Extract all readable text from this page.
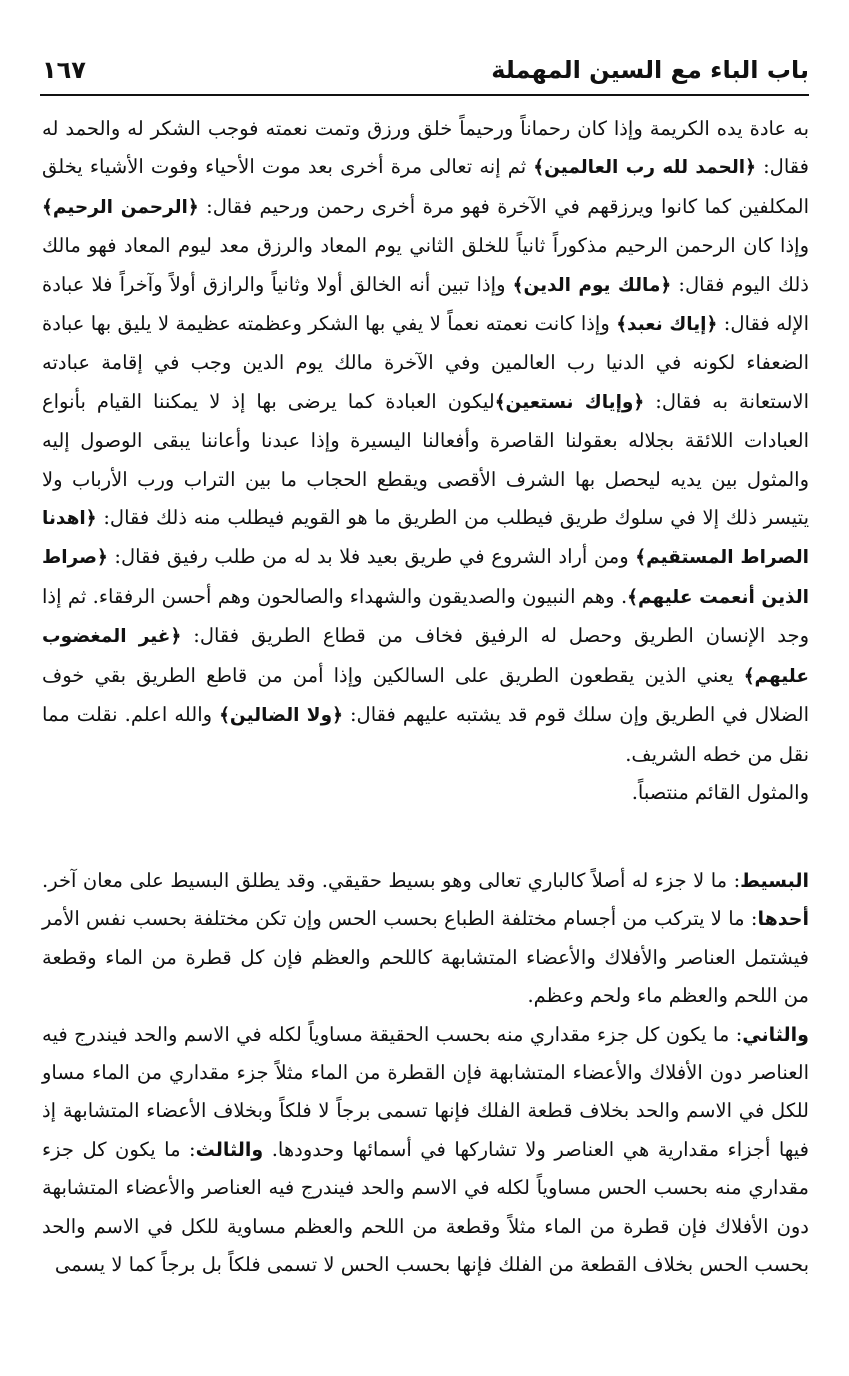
باب الباء مع السين المهملة
١٦٧

به عادة يده الكريمة وإذا كان رحماناً ورحيماً خلق ورزق وتمت نعمته فوجب الشكر له والحمد له فقال: ﴿الحمد لله رب العالمين﴾ ثم إنه تعالى مرة أخرى بعد موت الأحياء وفوت الأشياء يخلق المكلفين كما كانوا ويرزقهم في الآخرة فهو مرة أخرى رحمن ورحيم فقال: ﴿الرحمن الرحيم﴾ وإذا كان الرحمن الرحيم مذكوراً ثانياً للخلق الثاني يوم المعاد والرزق معد ليوم المعاد فهو مالك ذلك اليوم فقال: ﴿مالك يوم الدين﴾ وإذا تبين أنه الخالق أولا وثانياً والرازق أولاً وآخراً فلا عبادة الإله فقال: ﴿إياك نعبد﴾ وإذا كانت نعمته نعماً لا يفي بها الشكر وعظمته عظيمة لا يليق بها عبادة الضعفاء لكونه في الدنيا رب العالمين وفي الآخرة مالك يوم الدين وجب في إقامة عبادته الاستعانة به فقال: ﴿وإياك نستعين﴾ليكون العبادة كما يرضى بها إذ لا يمكننا القيام بأنواع العبادات اللائقة بجلاله بعقولنا القاصرة وأفعالنا اليسيرة وإذا عبدنا وأعاننا يبقى الوصول إليه والمثول بين يديه ليحصل بها الشرف الأقصى ويقطع الحجاب ما بين التراب ورب الأرباب ولا يتيسر ذلك إلا في سلوك طريق فيطلب من الطريق ما هو القويم فيطلب منه ذلك فقال: ﴿اهدنا الصراط المستقيم﴾ ومن أراد الشروع في طريق بعيد فلا بد له من طلب رفيق فقال: ﴿صراط الذين أنعمت عليهم﴾. وهم النبيون والصديقون والشهداء والصالحون وهم أحسن الرفقاء. ثم إذا وجد الإنسان الطريق وحصل له الرفيق فخاف من قطاع الطريق فقال: ﴿غير المغضوب عليهم﴾ يعني الذين يقطعون الطريق على السالكين وإذا أمن من قاطع الطريق بقي خوف الضلال في الطريق وإن سلك قوم قد يشتبه عليهم فقال: ﴿ولا الضالين﴾ والله اعلم. نقلت مما نقل من خطه الشريف.

والمثول القائم منتصباً.

البسيط: ما لا جزء له أصلاً كالباري تعالى وهو بسيط حقيقي. وقد يطلق البسيط على معان آخر. أحدها: ما لا يتركب من أجسام مختلفة الطباع بحسب الحس وإن تكن مختلفة بحسب نفس الأمر فيشتمل العناصر والأفلاك والأعضاء المتشابهة كاللحم والعظم فإن كل قطرة من الماء وقطعة من اللحم والعظم ماء ولحم وعظم.

والثاني: ما يكون كل جزء مقداري منه بحسب الحقيقة مساوياً لكله في الاسم والحد فيندرج فيه العناصر دون الأفلاك والأعضاء المتشابهة فإن القطرة من الماء مثلاً جزء مقداري من الماء مساو للكل في الاسم والحد بخلاف قطعة الفلك فإنها تسمى برجاً لا فلكاً وبخلاف الأعضاء المتشابهة إذ فيها أجزاء مقدارية هي العناصر ولا تشاركها في أسمائها وحدودها. والثالث: ما يكون كل جزء مقداري منه بحسب الحس مساوياً لكله في الاسم والحد فيندرج فيه العناصر والأعضاء المتشابهة دون الأفلاك فإن قطرة من الماء مثلاً وقطعة من اللحم والعظم مساوية للكل في الاسم والحد بحسب الحس بخلاف القطعة من الفلك فإنها بحسب الحس لا تسمى فلكاً بل برجاً كما لا يسمى
